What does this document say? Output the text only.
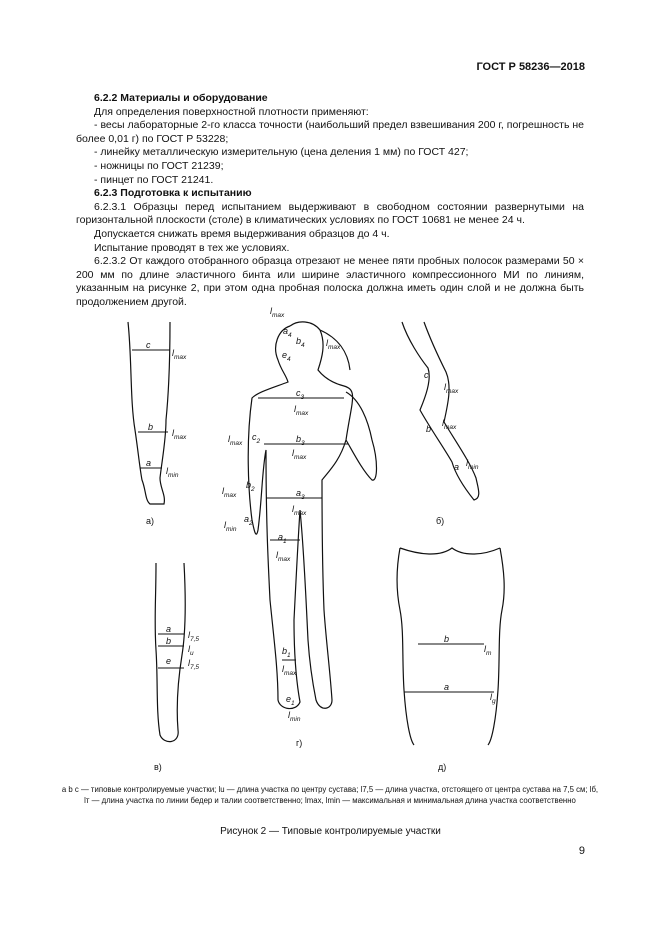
ГОСТ Р 58236—2018

6.2.2 Материалы и оборудование

Для определения поверхностной плотности применяют:

- весы лабораторные 2-го класса точности (наибольший предел взвешивания 200 г, погрешность не более 0,01 г) по ГОСТ Р 53228;

- линейку металлическую измерительную (цена деления 1 мм) по ГОСТ 427;

- ножницы по ГОСТ 21239;

- пинцет по ГОСТ 21241.

6.2.3 Подготовка к испытанию

6.2.3.1 Образцы перед испытанием выдерживают в свободном состоянии развернутыми на горизонтальной плоскости (столе) в климатических условиях по ГОСТ 10681 не менее 24 ч.

Допускается снижать время выдерживания образцов до 4 ч.

Испытание проводят в тех же условиях.

6.2.3.2 От каждого отобранного образца отрезают не менее пяти пробных полосок размерами 50 × 200 мм по длине эластичного бинта или ширине эластичного компрессионного МИ по линиям, указанным на рисунке 2, при этом одна пробная полоска должна иметь один слой и не должна быть продолжением другой.

c
$l_{max}$
b
$l_{max}$
a
$l_{min}$
а)
c
$l_{max}$
b
$l_{max}$
a $l_{min}$
б)
a
$l_{7,5}$
b
$l_u$
e $l_{7,5}$
в)
$l_{max}$
$a_4$
$b_4$ $l_{max}$
$e_4$
$c_3$
$l_{max}$
$l_{max}$
$c_2$	$b_3$
$l_{max}$
$b_2$
$l_{max}$	$a_3$
$l_{max}$
$a_2$
$l_{min}$
$a_1$
$l_{max}$
$b_1$
$l_{max}$
$e_1$
$l_{min}$
г)
b
$l_т$
a
$l_g$
д)
a b c — типовые контролируемые участки; lu — длина участка по центру сустава; l7,5 — длина участка, отстоящего от центра сустава на 7,5 см; lб, lт — длина участка по линии бедер и талии соответственно; lmax, lmin — максимальная и минимальная длина участка соответственно
Рисунок 2 — Типовые контролируемые участки
9
